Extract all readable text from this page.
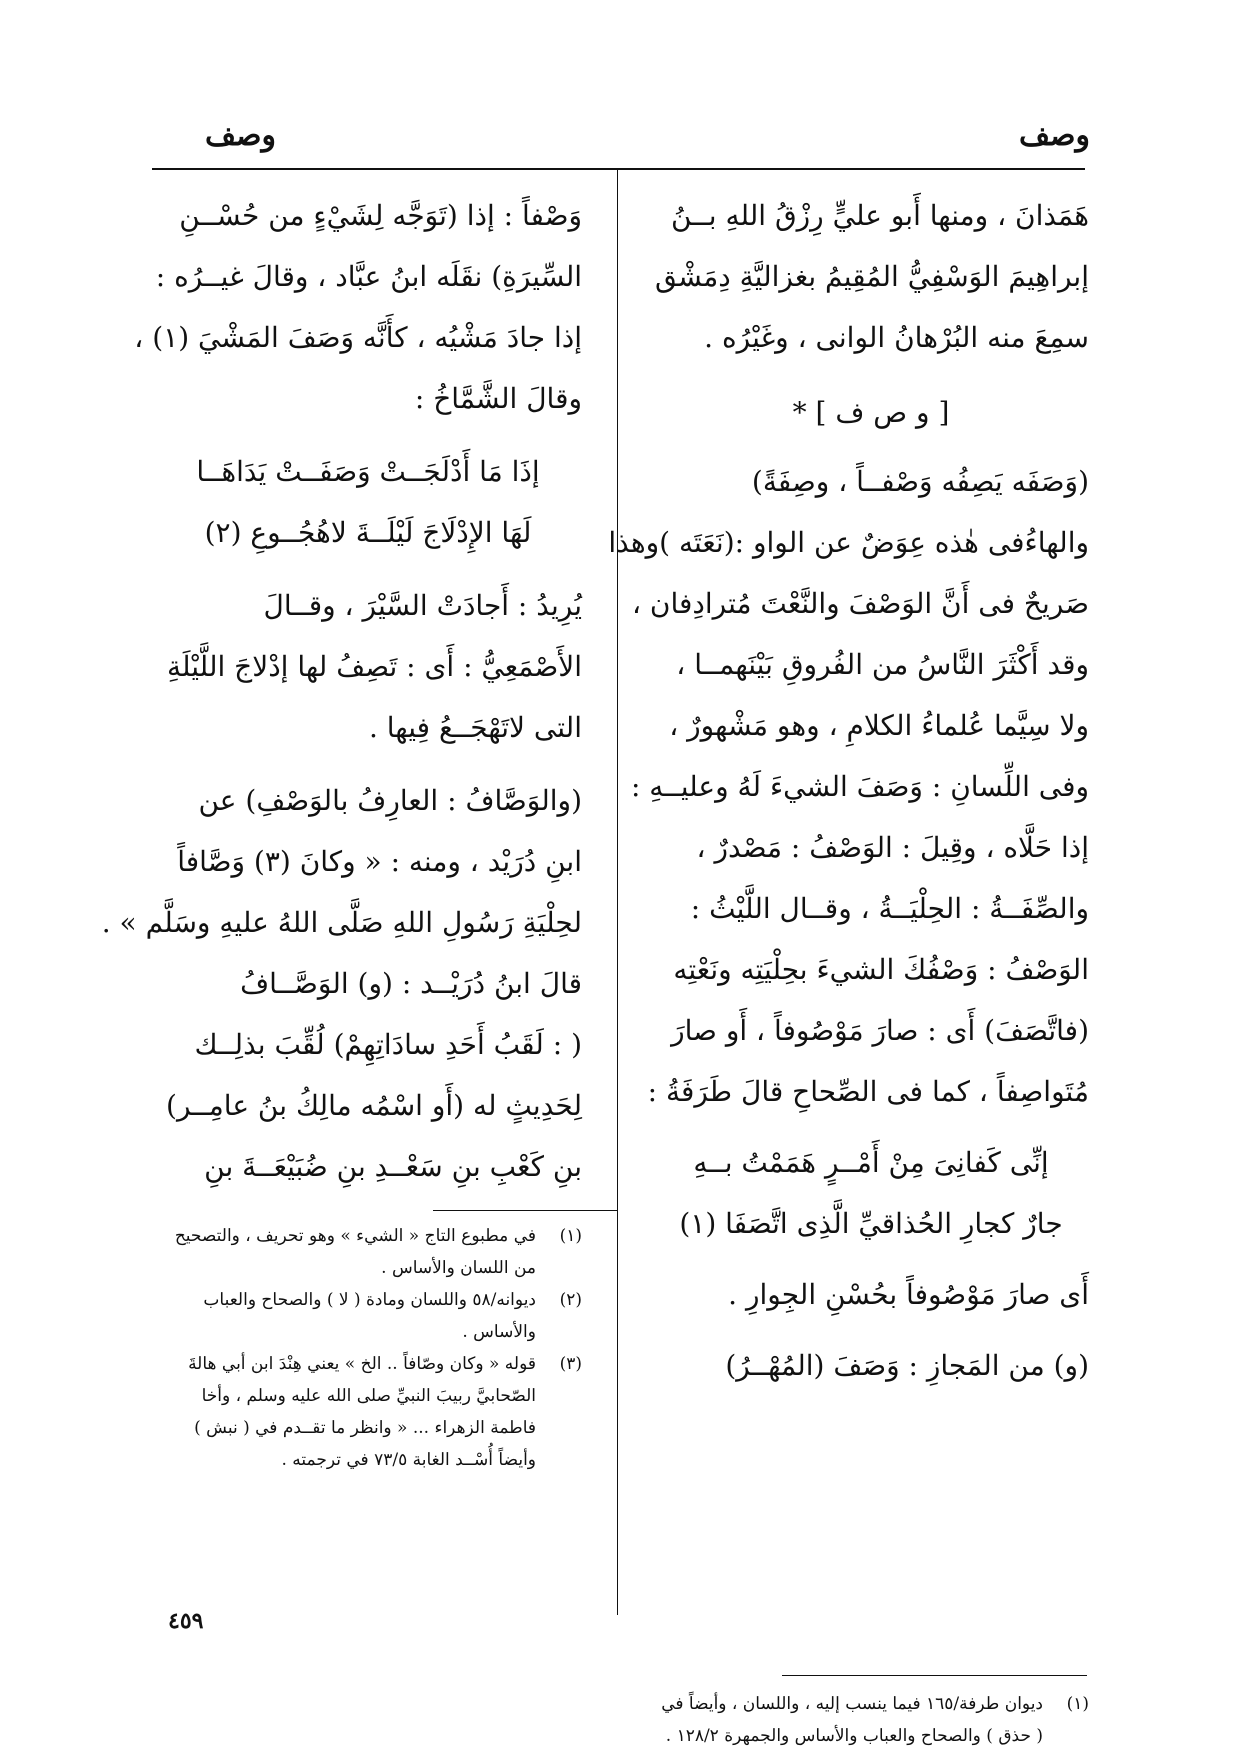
وصف
وصف
هَمَذانَ ، ومنها أَبو عليٍّ رِزْقُ اللهِ بــنُ
إبراهِيمَ الوَسْفِيُّ المُقِيمُ بغزاليَّةِ دِمَشْق
سمِعَ منه البُرْهانُ الوانى ، وغَيْرُه .
[ و ص ف ] *
(وَصَفَه يَصِفُه وَصْفــاً ، وصِفَةً)
والهاءُفى هٰذه عِوَضٌ عن الواو :(نَعَتَه )وهذا
صَريحٌ فى أَنَّ الوَصْفَ والنَّعْتَ مُترادِفان ،
وقد أَكْثَرَ النَّاسُ من الفُروقِ بَيْنَهمــا ،
ولا سِيَّما عُلماءُ الكلامِ ، وهو مَشْهورٌ ،
وفى اللِّسانِ : وَصَفَ الشيءَ لَهُ وعليــهِ :
إذا حَلَّاه ، وقِيلَ : الوَصْفُ : مَصْدرٌ ،
والصِّفَــةُ : الحِلْيَــةُ ، وقــال اللَّيْثُ :
الوَصْفُ : وَصْفُكَ الشيءَ بحِلْيَتِه ونَعْتِه
(فاتَّصَفَ) أَى : صارَ مَوْصُوفاً ، أَو صارَ
مُتَواصِفاً ، كما فى الصِّحاحِ قالَ طَرَفَةُ :
إنِّى كَفانِىَ مِنْ أَمْــرٍ هَمَمْتُ بــهِ
جارٌ كجارِ الحُذاقيِّ الَّذِى اتَّصَفَا (١)
أَى صارَ مَوْصُوفاً بحُسْنِ الجِوارِ .
(و) من المَجازِ : وَصَفَ (المُهْــرُ)
وَصْفاً : إذا (تَوَجَّه لِشَيْءٍ من حُسْــنِ
السِّيرَةِ) نقَلَه ابنُ عبَّاد ، وقالَ غيــرُه :
إذا جادَ مَشْيُه ، كأَنَّه وَصَفَ المَشْيَ (١) ،
وقالَ الشَّمَّاخُ :
إذَا مَا أَدْلَجَــتْ وَصَفَــتْ يَدَاهَــا
لَهَا الإِدْلَاجَ لَيْلَــةَ لاهُجُــوعِ (٢)
يُرِيدُ : أَجادَتْ السَّيْرَ ، وقــالَ
الأَصْمَعِيُّ : أَى : تَصِفُ لها إدْلاجَ اللَّيْلَةِ
التى لاتَهْجَــعُ فِيها .
(والوَصَّافُ : العارِفُ بالوَصْفِ) عن
ابنِ دُرَيْد ، ومنه : « وكانَ (٣) وَصَّافاً
لحِلْيَةِ رَسُولِ اللهِ صَلَّى اللهُ عليهِ وسَلَّم » .
قالَ ابنُ دُرَيْــد : (و) الوَصَّــافُ
( : لَقَبُ أَحَدِ سادَاتِهِمْ) لُقِّبَ بذلِــك
لِحَدِيثٍ له (أَو اسْمُه مالِكُ بنُ عامِــر)
بنِ كَعْبِ بنِ سَعْــدِ بنِ ضُبَيْعَــةَ بنِ
(١)
في مطبوع التاج « الشيء » وهو تحريف ، والتصحيح من اللسان والأساس .
(٢)
ديوانه/٥٨ واللسان ومادة ( لا ) والصحاح والعباب والأساس .
(٣)
قوله « وكان وصّافاً .. الخ » يعني هِنْدَ ابن أبي هالةَ الصّحابيَّ ربيبَ النبيِّ صلى الله عليه وسلم ، وأخا فاطمة الزهراء ... « وانظر ما تقــدم في ( نبش ) وأيضاً أُسْــد الغابة ٧٣/٥ في ترجمته .
(١)
ديوان طرفة/١٦٥ فيما ينسب إليه ، واللسان ، وأيضاً في ( حذق ) والصحاح والعباب والأساس والجمهرة ١٢٨/٢ .
٤٥٩
